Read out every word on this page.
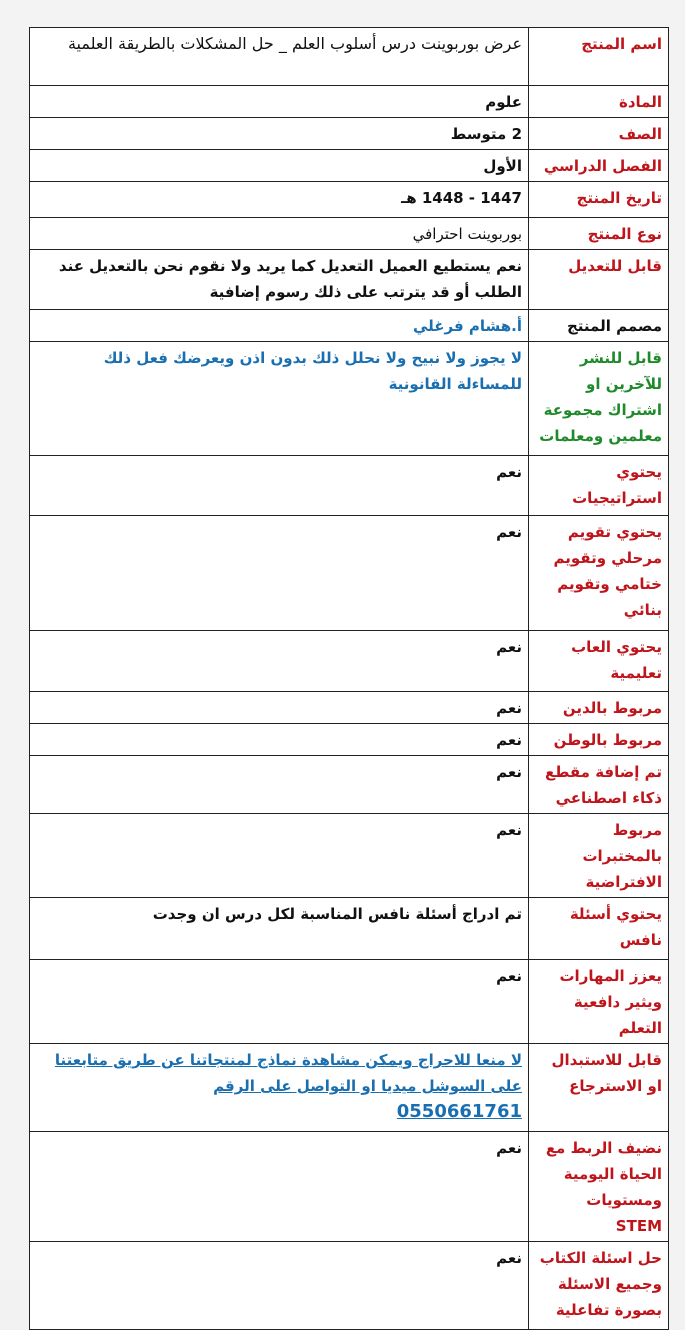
اسم المنتج	عرض بوربوينت درس أسلوب العلم _ حل المشكلات بالطريقة العلمية
المادة	علوم
الصف	2 متوسط
الفصل الدراسي	الأول
تاريخ المنتج	1447 - 1448 هـ
نوع المنتج	بوربوينت احترافي
قابل للتعديل	نعم يستطيع العميل التعديل كما يريد ولا نقوم نحن بالتعديل عند الطلب أو قد يترتب على ذلك رسوم إضافية
مصمم المنتج	أ.هشام فرغلي
قابل للنشر للآخرين او اشتراك مجموعة معلمين ومعلمات	لا يجوز ولا نبيح ولا نحلل ذلك بدون اذن ويعرضك فعل ذلك للمساءلة القانونية
يحتوي استراتيجيات	نعم
يحتوي تقويم مرحلي وتقويم ختامي وتقويم بنائي	نعم
يحتوي العاب تعليمية	نعم
مربوط بالدين	نعم
مربوط بالوطن	نعم
تم إضافة مقطع ذكاء اصطناعي	نعم
مربوط بالمختبرات الافتراضية	نعم
يحتوي أسئلة نافس	تم ادراج أسئلة نافس المناسبة لكل درس ان وجدت
يعزز المهارات ويثير دافعية التعلم	نعم
قابل للاستبدال او الاسترجاع	لا منعا للاحراج ويمكن مشاهدة نماذج لمنتجاتنا عن طريق متابعتنا على السوشل ميديا او التواصل على الرقم
0550661761
نضيف الربط مع الحياة اليومية ومستويات STEM	نعم
حل اسئلة الكتاب وجميع الاسئلة بصورة تفاعلية	نعم
